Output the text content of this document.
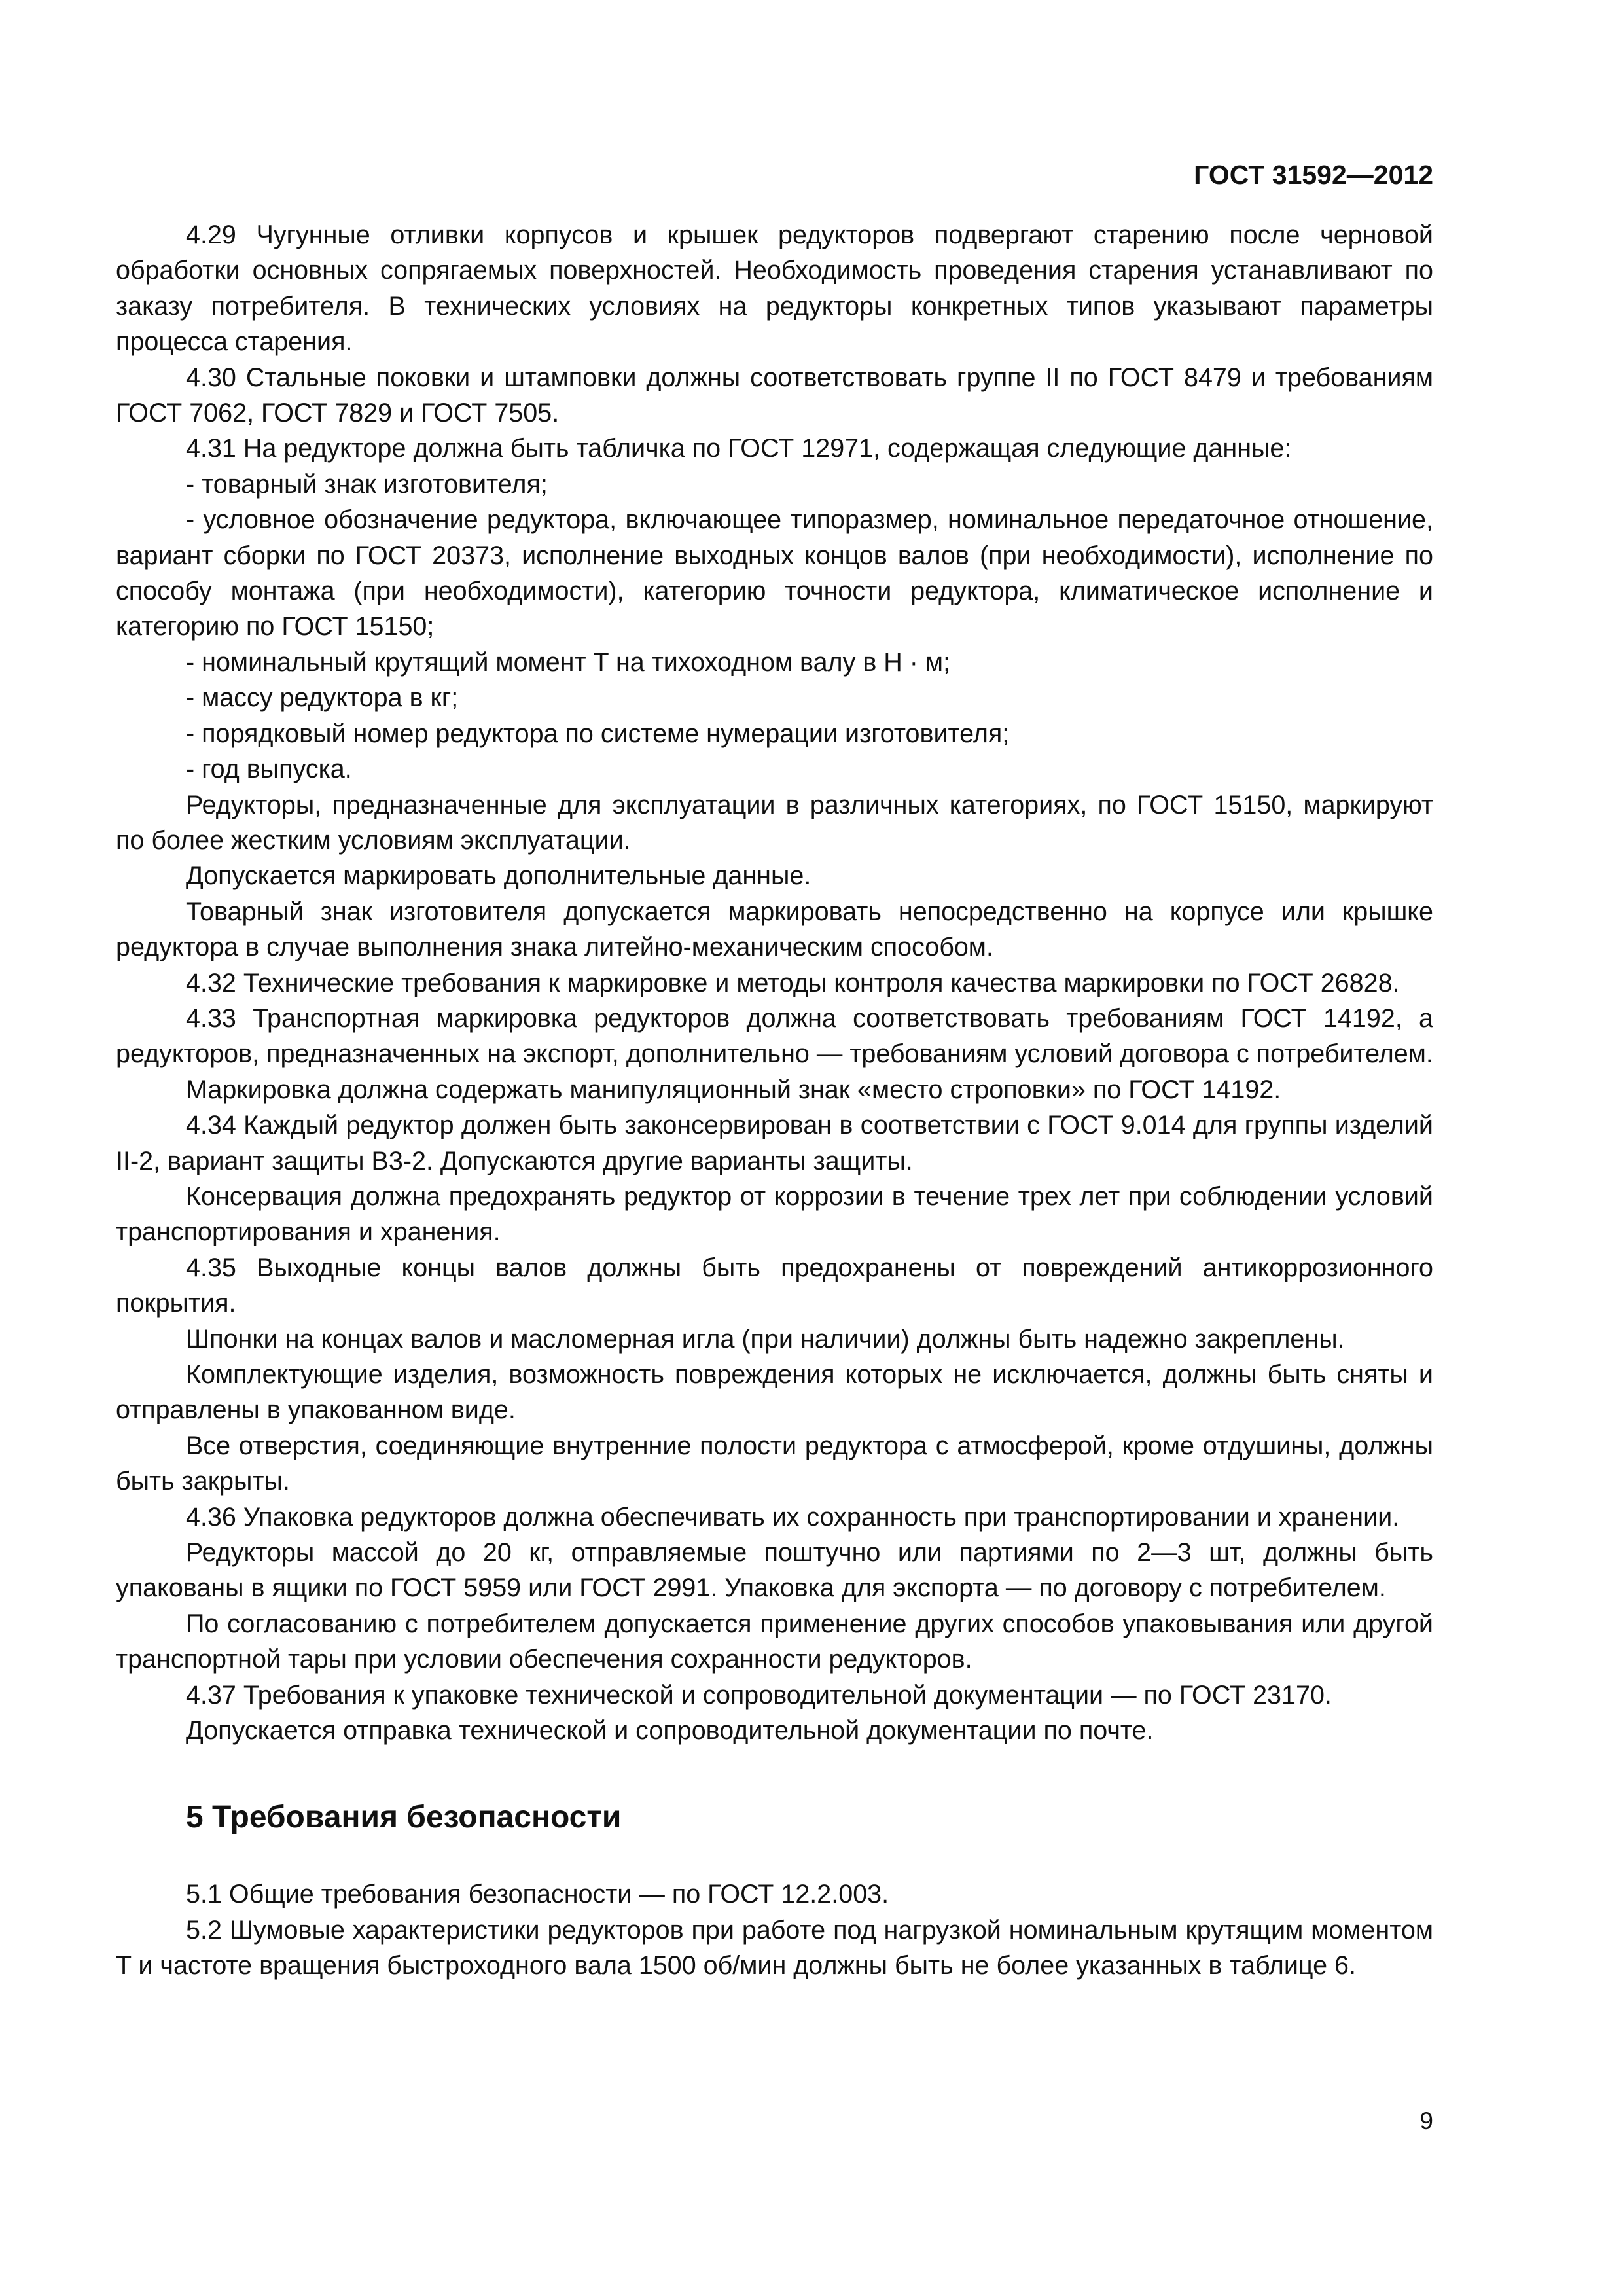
ГОСТ 31592—2012

4.29 Чугунные отливки корпусов и крышек редукторов подвергают старению после черновой обработки основных сопрягаемых поверхностей. Необходимость проведения старения устанавливают по заказу потребителя. В технических условиях на редукторы конкретных типов указывают параметры процесса старения.

4.30 Стальные поковки и штамповки должны соответствовать группе II по ГОСТ 8479 и требованиям ГОСТ 7062, ГОСТ 7829 и ГОСТ 7505.

4.31 На редукторе должна быть табличка по ГОСТ 12971, содержащая следующие данные:

- товарный знак изготовителя;

- условное обозначение редуктора, включающее типоразмер, номинальное передаточное отношение, вариант сборки по ГОСТ 20373, исполнение выходных концов валов (при необходимости), исполнение по способу монтажа (при необходимости), категорию точности редуктора, климатическое исполнение и категорию по ГОСТ 15150;

- номинальный крутящий момент T на тихоходном валу в Н · м;

- массу редуктора в кг;

- порядковый номер редуктора по системе нумерации изготовителя;

- год выпуска.

Редукторы, предназначенные для эксплуатации в различных категориях, по ГОСТ 15150, маркируют по более жестким условиям эксплуатации.

Допускается маркировать дополнительные данные.

Товарный знак изготовителя допускается маркировать непосредственно на корпусе или крышке редуктора в случае выполнения знака литейно-механическим способом.

4.32 Технические требования к маркировке и методы контроля качества маркировки по ГОСТ 26828.

4.33 Транспортная маркировка редукторов должна соответствовать требованиям ГОСТ 14192, а редукторов, предназначенных на экспорт, дополнительно — требованиям условий договора с потребителем.

Маркировка должна содержать манипуляционный знак «место строповки» по ГОСТ 14192.

4.34 Каждый редуктор должен быть законсервирован в соответствии с ГОСТ 9.014 для группы изделий II-2, вариант защиты В3-2. Допускаются другие варианты защиты.

Консервация должна предохранять редуктор от коррозии в течение трех лет при соблюдении условий транспортирования и хранения.

4.35 Выходные концы валов должны быть предохранены от повреждений антикоррозионного покрытия.

Шпонки на концах валов и масломерная игла (при наличии) должны быть надежно закреплены.

Комплектующие изделия, возможность повреждения которых не исключается, должны быть сняты и отправлены в упакованном виде.

Все отверстия, соединяющие внутренние полости редуктора с атмосферой, кроме отдушины, должны быть закрыты.

4.36 Упаковка редукторов должна обеспечивать их сохранность при транспортировании и хранении.

Редукторы массой до 20 кг, отправляемые поштучно или партиями по 2—3 шт, должны быть упакованы в ящики по ГОСТ 5959 или ГОСТ 2991. Упаковка для экспорта — по договору с потребителем.

По согласованию с потребителем допускается применение других способов упаковывания или другой транспортной тары при условии обеспечения сохранности редукторов.

4.37 Требования к упаковке технической и сопроводительной документации — по ГОСТ 23170.

Допускается отправка технической и сопроводительной документации по почте.

5 Требования безопасности

5.1 Общие требования безопасности — по ГОСТ 12.2.003.

5.2 Шумовые характеристики редукторов при работе под нагрузкой номинальным крутящим моментом T и частоте вращения быстроходного вала 1500 об/мин должны быть не более указанных в таблице 6.

9
